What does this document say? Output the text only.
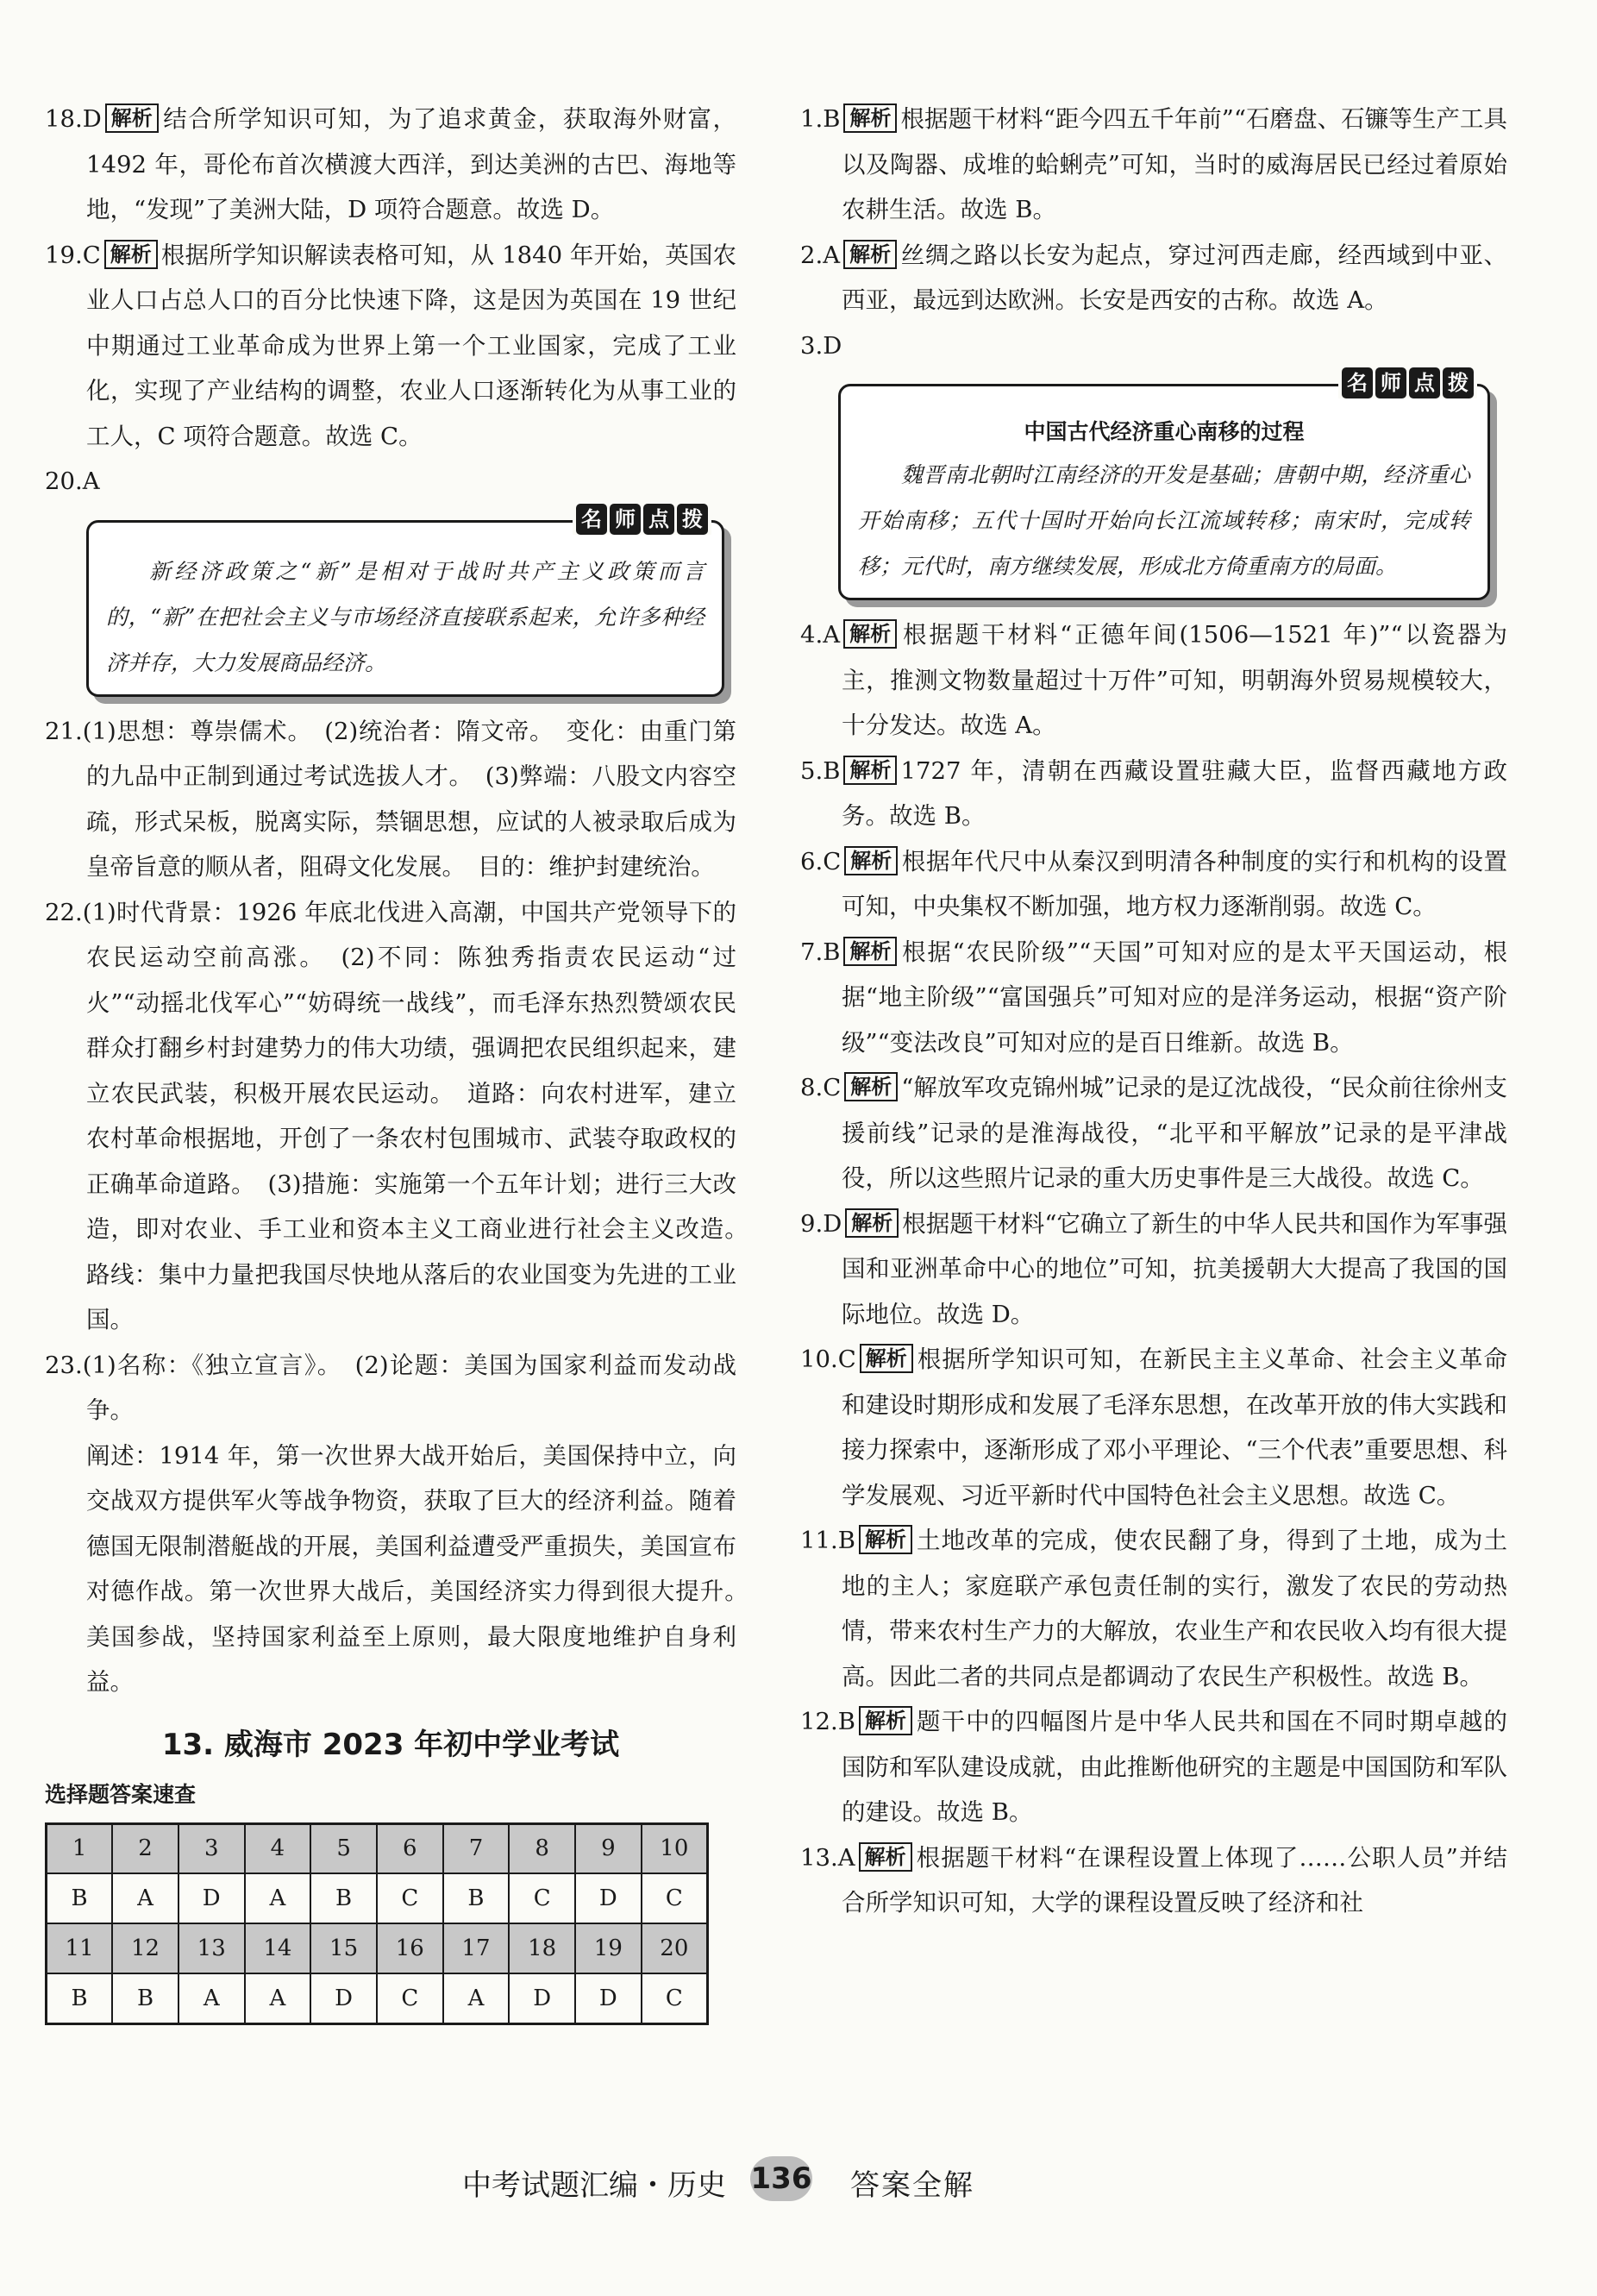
18.D 解析 结合所学知识可知，为了追求黄金，获取海外财富，1492 年，哥伦布首次横渡大西洋，到达美洲的古巴、海地等地，“发现”了美洲大陆，D 项符合题意。故选 D。

19.C 解析 根据所学知识解读表格可知，从 1840 年开始，英国农业人口占总人口的百分比快速下降，这是因为英国在 19 世纪中期通过工业革命成为世界上第一个工业国家，完成了工业化，实现了产业结构的调整，农业人口逐渐转化为从事工业的工人，C 项符合题意。故选 C。

20.A

名 师 点 拨

新经济政策之“新”是相对于战时共产主义政策而言的，“新”在把社会主义与市场经济直接联系起来，允许多种经济并存，大力发展商品经济。

21.(1)思想：尊崇儒术。　(2)统治者：隋文帝。　变化：由重门第的九品中正制到通过考试选拔人才。　(3)弊端：八股文内容空疏，形式呆板，脱离实际，禁锢思想，应试的人被录取后成为皇帝旨意的顺从者，阻碍文化发展。　目的：维护封建统治。

22.(1)时代背景：1926 年底北伐进入高潮，中国共产党领导下的农民运动空前高涨。　(2)不同：陈独秀指责农民运动“过火”“动摇北伐军心”“妨碍统一战线”，而毛泽东热烈赞颂农民群众打翻乡村封建势力的伟大功绩，强调把农民组织起来，建立农民武装，积极开展农民运动。　道路：向农村进军，建立农村革命根据地，开创了一条农村包围城市、武装夺取政权的正确革命道路。　(3)措施：实施第一个五年计划；进行三大改造，即对农业、手工业和资本主义工商业进行社会主义改造。　路线：集中力量把我国尽快地从落后的农业国变为先进的工业国。

23.(1)名称：《独立宣言》。　(2)论题：美国为国家利益而发动战争。

阐述：1914 年，第一次世界大战开始后，美国保持中立，向交战双方提供军火等战争物资，获取了巨大的经济利益。随着德国无限制潜艇战的开展，美国利益遭受严重损失，美国宣布对德作战。第一次世界大战后，美国经济实力得到很大提升。　美国参战，坚持国家利益至上原则，最大限度地维护自身利益。

13. 威海市 2023 年初中学业考试
选择题答案速查
1	2	3	4	5	6	7	8	9	10
B	A	D	A	B	C	B	C	D	C
11	12	13	14	15	16	17	18	19	20
B	B	A	A	D	C	A	D	D	C

1.B 解析 根据题干材料“距今四五千年前”“石磨盘、石镰等生产工具以及陶器、成堆的蛤蜊壳”可知，当时的威海居民已经过着原始农耕生活。故选 B。

2.A 解析 丝绸之路以长安为起点，穿过河西走廊，经西域到中亚、西亚，最远到达欧洲。长安是西安的古称。故选 A。

3.D

名 师 点 拨
中国古代经济重心南移的过程

魏晋南北朝时江南经济的开发是基础；唐朝中期，经济重心开始南移；五代十国时开始向长江流域转移；南宋时，完成转移；元代时，南方继续发展，形成北方倚重南方的局面。

4.A 解析 根据题干材料“正德年间(1506—1521 年)”“以瓷器为主，推测文物数量超过十万件”可知，明朝海外贸易规模较大，十分发达。故选 A。

5.B 解析 1727 年，清朝在西藏设置驻藏大臣，监督西藏地方政务。故选 B。

6.C 解析 根据年代尺中从秦汉到明清各种制度的实行和机构的设置可知，中央集权不断加强，地方权力逐渐削弱。故选 C。

7.B 解析 根据“农民阶级”“天国”可知对应的是太平天国运动，根据“地主阶级”“富国强兵”可知对应的是洋务运动，根据“资产阶级”“变法改良”可知对应的是百日维新。故选 B。

8.C 解析 “解放军攻克锦州城”记录的是辽沈战役，“民众前往徐州支援前线”记录的是淮海战役，“北平和平解放”记录的是平津战役，所以这些照片记录的重大历史事件是三大战役。故选 C。

9.D 解析 根据题干材料“它确立了新生的中华人民共和国作为军事强国和亚洲革命中心的地位”可知，抗美援朝大大提高了我国的国际地位。故选 D。

10.C 解析 根据所学知识可知，在新民主主义革命、社会主义革命和建设时期形成和发展了毛泽东思想，在改革开放的伟大实践和接力探索中，逐渐形成了邓小平理论、“三个代表”重要思想、科学发展观、习近平新时代中国特色社会主义思想。故选 C。

11.B 解析 土地改革的完成，使农民翻了身，得到了土地，成为土地的主人；家庭联产承包责任制的实行，激发了农民的劳动热情，带来农村生产力的大解放，农业生产和农民收入均有很大提高。因此二者的共同点是都调动了农民生产积极性。故选 B。

12.B 解析 题干中的四幅图片是中华人民共和国在不同时期卓越的国防和军队建设成就，由此推断他研究的主题是中国国防和军队的建设。故选 B。

13.A 解析 根据题干材料“在课程设置上体现了……公职人员”并结合所学知识可知，大学的课程设置反映了经济和社

中考试题汇编・历史 136 答案全解
